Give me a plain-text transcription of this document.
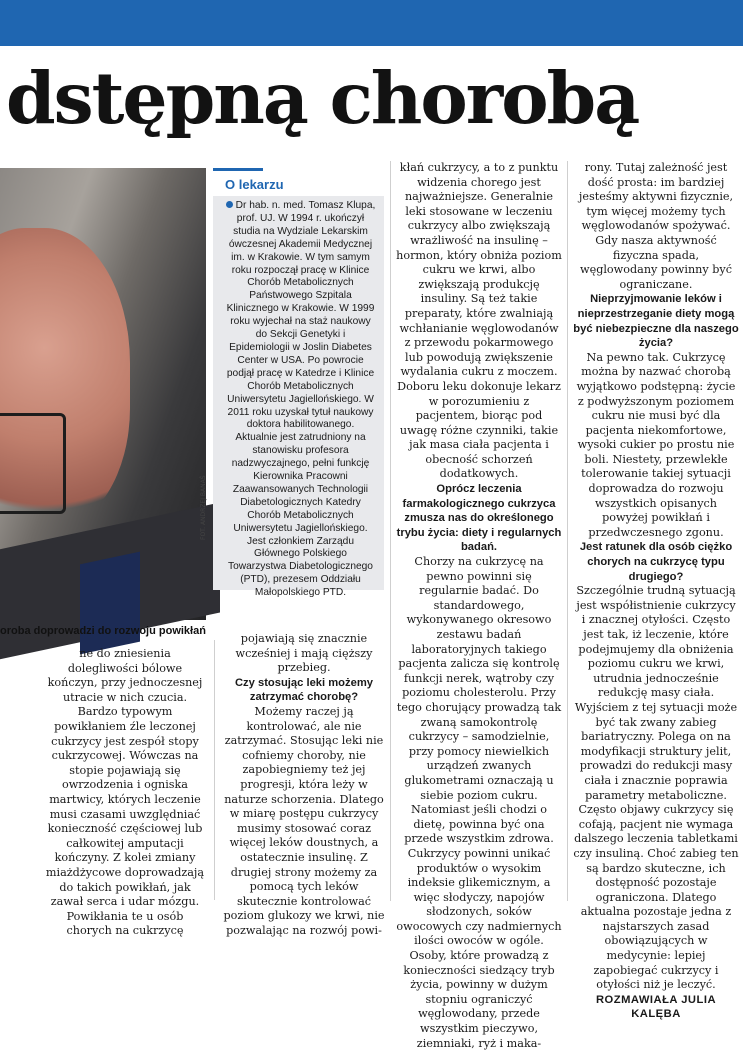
dstępną chorobą
FOT. ANDRZEJ BANAŚ
oroba doprowadzi do rozwoju powikłań
O lekarzu
Dr hab. n. med. Tomasz Klupa, prof. UJ. W 1994 r. ukończył studia na Wydziale Lekarskim ówczesnej Akademii Medycznej im. w Krakowie. W tym samym roku rozpoczął pracę w Klinice Chorób Metabolicznych Państwowego Szpitala Klinicznego w Krakowie. W 1999 roku wyjechał na staż naukowy do Sekcji Genetyki i Epidemiologii w Joslin Diabetes Center w USA. Po powrocie podjął pracę w Katedrze i Klinice Chorób Metabolicznych Uniwersytetu Jagiellońskiego. W 2011 roku uzyskał tytuł naukowy doktora habilitowanego. Aktualnie jest zatrudniony na stanowisku profesora nadzwyczajnego, pełni funkcję Kierownika Pracowni Zaawansowanych Technologii Diabetologicznych Katedry Chorób Metabolicznych Uniwersytetu Jagiellońskiego. Jest członkiem Zarządu Głównego Polskiego Towarzystwa Diabetologicznego (PTD), prezesem Oddziału Małopolskiego PTD.

ne do zniesienia dolegliwości bólowe kończyn, przy jednoczesnej utracie w nich czucia. Bardzo typowym powikłaniem źle leczonej cukrzycy jest zespół stopy cukrzycowej. Wówczas na stopie pojawiają się owrzodzenia i ogniska martwicy, których leczenie musi czasami uwzględniać konieczność częściowej lub całkowitej amputacji kończyny. Z kolei zmiany miażdżycowe doprowadzają do takich powikłań, jak zawał serca i udar mózgu. Powikłania te u osób chorych na cukrzycę

pojawiają się znacznie wcześniej i mają cięższy przebieg.

Czy stosując leki możemy zatrzymać chorobę?

Możemy raczej ją kontrolować, ale nie zatrzymać. Stosując leki nie cofniemy choroby, nie zapobiegniemy też jej progresji, która leży w naturze schorzenia. Dlatego w miarę postępu cukrzycy musimy stosować coraz więcej leków doustnych, a ostatecznie insulinę. Z drugiej strony możemy za pomocą tych leków skutecznie kontrolować poziom glukozy we krwi, nie pozwalając na rozwój powi-

kłań cukrzycy, a to z punktu widzenia chorego jest najważniejsze. Generalnie leki stosowane w leczeniu cukrzycy albo zwiększają wrażliwość na insulinę – hormon, który obniża poziom cukru we krwi, albo zwiększają produkcję insuliny. Są też takie preparaty, które zwalniają wchłanianie węglowodanów z przewodu pokarmowego lub powodują zwiększenie wydalania cukru z moczem. Doboru leku dokonuje lekarz w porozumieniu z pacjentem, biorąc pod uwagę różne czynniki, takie jak masa ciała pacjenta i obecność schorzeń dodatkowych.

Oprócz leczenia farmakologicznego cukrzyca zmusza nas do określonego trybu życia: diety i regularnych badań.

Chorzy na cukrzycę na pewno powinni się regularnie badać. Do standardowego, wykonywanego okresowo zestawu badań laboratoryjnych takiego pacjenta zalicza się kontrolę funkcji nerek, wątroby czy poziomu cholesterolu. Przy tego chorujący prowadzą tak zwaną samokontrolę cukrzycy – samodzielnie, przy pomocy niewielkich urządzeń zwanych glukometrami oznaczają u siebie poziom cukru. Natomiast jeśli chodzi o dietę, powinna być ona przede wszystkim zdrowa. Cukrzycy powinni unikać produktów o wysokim indeksie glikemicznym, a więc słodyczy, napojów słodzonych, soków owocowych czy nadmiernych ilości owoców w ogóle. Osoby, które prowadzą z konieczności siedzący tryb życia, powinny w dużym stopniu ograniczyć węglowodany, przede wszystkim pieczywo, ziemniaki, ryż i maka-

rony. Tutaj zależność jest dość prosta: im bardziej jesteśmy aktywni fizycznie, tym więcej możemy tych węglowodanów spożywać. Gdy nasza aktywność fizyczna spada, węglowodany powinny być ograniczane.

Nieprzyjmowanie leków i nieprzestrzeganie diety mogą być niebezpieczne dla naszego życia?

Na pewno tak. Cukrzycę można by nazwać chorobą wyjątkowo podstępną: życie z podwyższonym poziomem cukru nie musi być dla pacjenta niekomfortowe, wysoki cukier po prostu nie boli. Niestety, przewlekłe tolerowanie takiej sytuacji doprowadza do rozwoju wszystkich opisanych powyżej powikłań i przedwczesnego zgonu.

Jest ratunek dla osób ciężko chorych na cukrzycę typu drugiego?

Szczególnie trudną sytuacją jest współistnienie cukrzycy i znacznej otyłości. Często jest tak, iż leczenie, które podejmujemy dla obniżenia poziomu cukru we krwi, utrudnia jednocześnie redukcję masy ciała. Wyjściem z tej sytuacji może być tak zwany zabieg bariatryczny. Polega on na modyfikacji struktury jelit, prowadzi do redukcji masy ciała i znacznie poprawia parametry metaboliczne. Często objawy cukrzycy się cofają, pacjent nie wymaga dalszego leczenia tabletkami czy insuliną. Choć zabieg ten są bardzo skuteczne, ich dostępność pozostaje ograniczona. Dlatego aktualna pozostaje jedna z najstarszych zasad obowiązujących w medycynie: lepiej zapobiegać cukrzycy i otyłości niż je leczyć.

ROZMAWIAŁA JULIA KALĘBA
